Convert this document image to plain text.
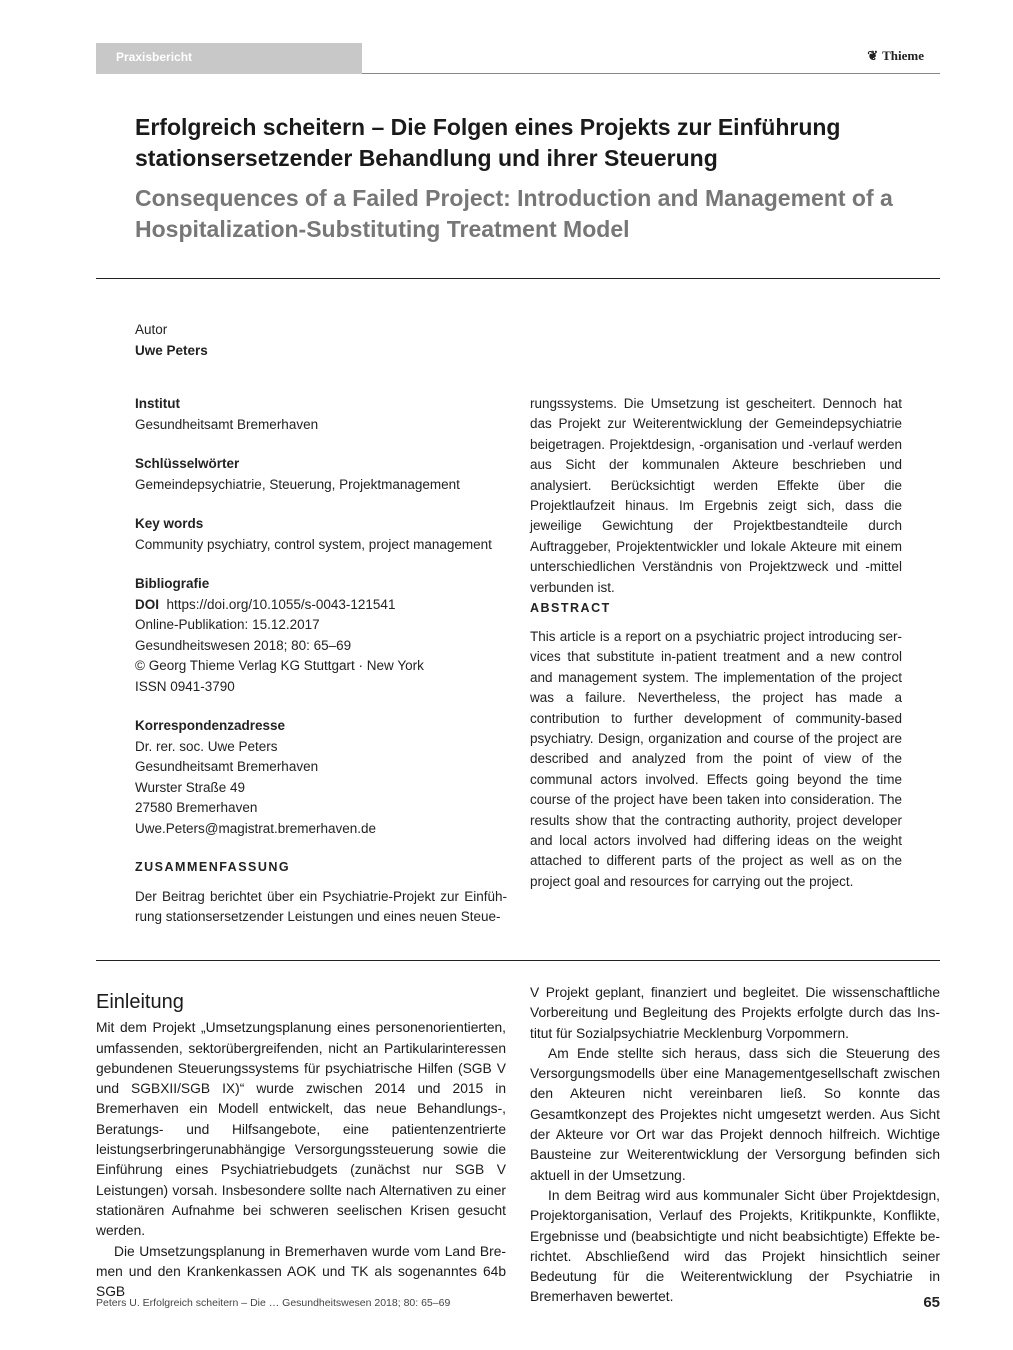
Praxisbericht	❦ Thieme
Erfolgreich scheitern – Die Folgen eines Projekts zur Einführung stationsersetzender Behandlung und ihrer Steuerung
Consequences of a Failed Project: Introduction and Management of a Hospitalization-Substituting Treatment Model

Autor

Uwe Peters

Institut

Gesundheitsamt Bremerhaven

Schlüsselwörter

Gemeindepsychiatrie, Steuerung, Projektmanagement

Key words

Community psychiatry, control system, project management

Bibliografie

DOI https://doi.org/10.1055/s-0043-121541

Online-Publikation: 15.12.2017

Gesundheitswesen 2018; 80: 65–69

© Georg Thieme Verlag KG Stuttgart · New York

ISSN 0941-3790

Korrespondenzadresse

Dr. rer. soc. Uwe Peters

Gesundheitsamt Bremerhaven

Wurster Straße 49

27580 Bremerhaven

Uwe.Peters@magistrat.bremerhaven.de

ZUSAMMENFASSUNG

Der Beitrag berichtet über ein Psychiatrie-Projekt zur Einführung stationsersetzender Leistungen und eines neuen Steue-

rungssystems. Die Umsetzung ist gescheitert. Dennoch hat das Projekt zur Weiterentwicklung der Gemeindepsychiatrie beigetragen. Projektdesign, -organisation und -verlauf werden aus Sicht der kommunalen Akteure beschrieben und analysiert. Berücksichtigt werden Effekte über die Projektlaufzeit hinaus. Im Ergebnis zeigt sich, dass die jeweilige Gewichtung der Projektbestandteile durch Auftraggeber, Projektentwickler und lokale Akteure mit einem unterschiedlichen Verständnis von Projektzweck und -mittel verbunden ist.

ABSTRACT

This article is a report on a psychiatric project introducing services that substitute in-patient treatment and a new control and management system. The implementation of the project was a failure. Nevertheless, the project has made a contribution to further development of community-based psychiatry. Design, organization and course of the project are described and analyzed from the point of view of the communal actors involved. Effects going beyond the time course of the project have been taken into consideration. The results show that the contracting authority, project developer and local actors involved had differing ideas on the weight attached to different parts of the project as well as on the project goal and resources for carrying out the project.

Einleitung

Mit dem Projekt „Umsetzungsplanung eines personenorientierten, umfassenden, sektorübergreifenden, nicht an Partikularinteressen gebundenen Steuerungssystems für psychiatrische Hilfen (SGB V und SGBXII/SGB IX)“ wurde zwischen 2014 und 2015 in Bremerhaven ein Modell entwickelt, das neue Behandlungs-, Beratungs- und Hilfsangebote, eine patientenzentrierte leistungserbringerunabhängige Versorgungssteuerung sowie die Einführung eines Psychiatriebudgets (zunächst nur SGB V Leistungen) vorsah. Insbesondere sollte nach Alternativen zu einer stationären Aufnahme bei schweren seelischen Krisen gesucht werden.

Die Umsetzungsplanung in Bremerhaven wurde vom Land Bremen und den Krankenkassen AOK und TK als sogenanntes 64b SGB

V Projekt geplant, finanziert und begleitet. Die wissenschaftliche Vorbereitung und Begleitung des Projekts erfolgte durch das Institut für Sozialpsychiatrie Mecklenburg Vorpommern.

Am Ende stellte sich heraus, dass sich die Steuerung des Versorgungsmodells über eine Managementgesellschaft zwischen den Akteuren nicht vereinbaren ließ. So konnte das Gesamtkonzept des Projektes nicht umgesetzt werden. Aus Sicht der Akteure vor Ort war das Projekt dennoch hilfreich. Wichtige Bausteine zur Weiterentwicklung der Versorgung befinden sich aktuell in der Umsetzung.

In dem Beitrag wird aus kommunaler Sicht über Projektdesign, Projektorganisation, Verlauf des Projekts, Kritikpunkte, Konflikte, Ergebnisse und (beabsichtigte und nicht beabsichtigte) Effekte berichtet. Abschließend wird das Projekt hinsichtlich seiner Bedeutung für die Weiterentwicklung der Psychiatrie in Bremerhaven bewertet.

Peters U. Erfolgreich scheitern – Die … Gesundheitswesen 2018; 80: 65–69	65
